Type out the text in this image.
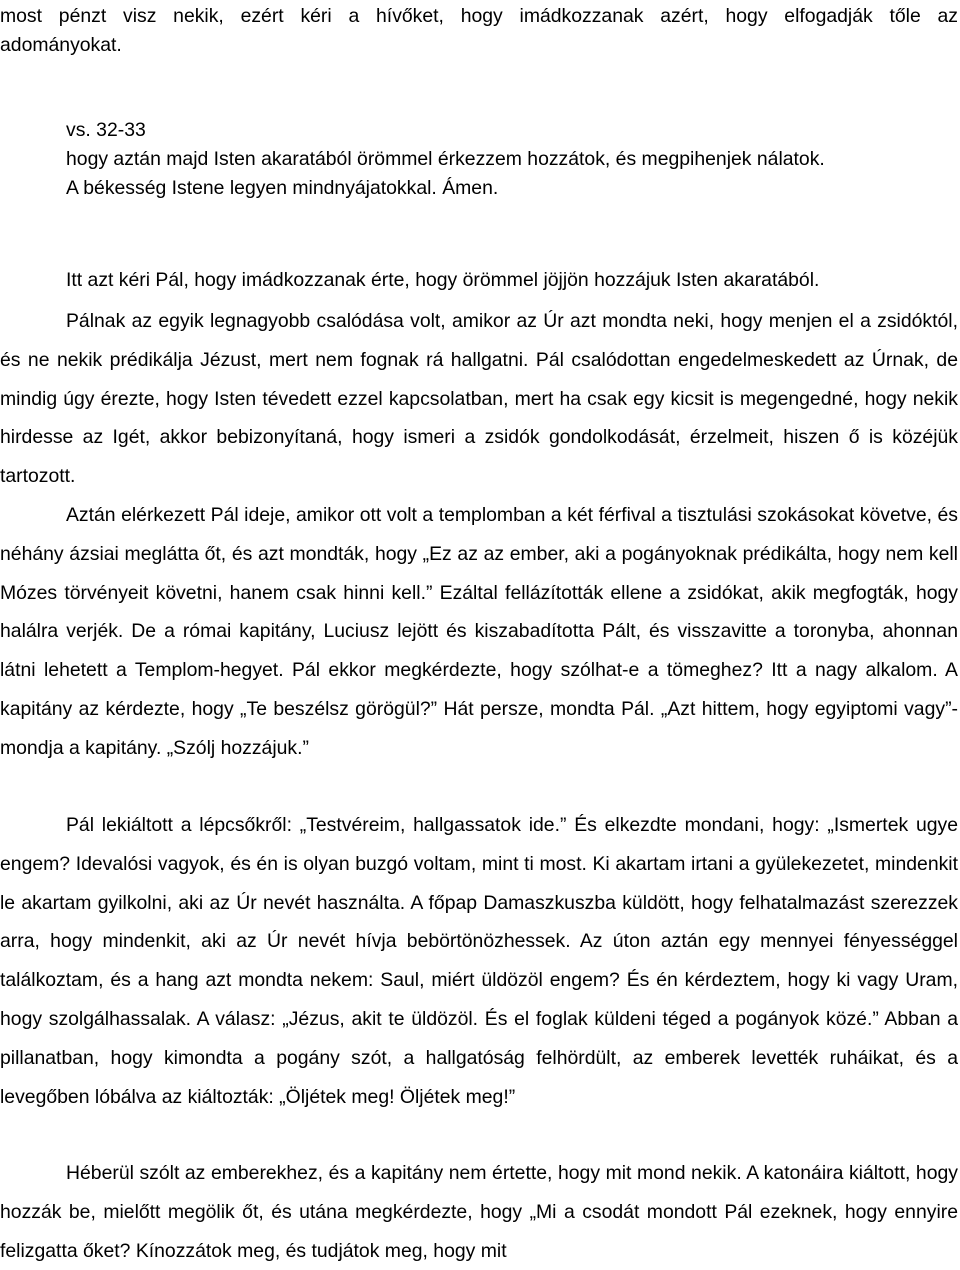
most pénzt visz nekik, ezért kéri a hívőket, hogy imádkozzanak azért, hogy elfogadják tőle az
adományokat.
vs. 32-33
hogy aztán majd Isten akaratából örömmel érkezzem hozzátok, és megpihenjek nálatok.
A békesség Istene legyen mindnyájatokkal. Ámen.
Itt azt kéri Pál, hogy imádkozzanak érte, hogy örömmel jöjjön hozzájuk Isten akaratából.

Pálnak az egyik legnagyobb csalódása volt, amikor az Úr azt mondta neki, hogy menjen el a zsidóktól, és ne nekik prédikálja Jézust, mert nem fognak rá hallgatni. Pál csalódottan engedelmeskedett az Úrnak, de mindig úgy érezte, hogy Isten tévedett ezzel kapcsolatban, mert ha csak egy kicsit is megengedné, hogy nekik hirdesse az Igét, akkor bebizonyítaná, hogy ismeri a zsidók gondolkodását, érzelmeit, hiszen ő is közéjük tartozott.

Aztán elérkezett Pál ideje, amikor ott volt a templomban a két férfival a tisztulási szokásokat követve, és néhány ázsiai meglátta őt, és azt mondták, hogy „Ez az az ember, aki a pogányoknak prédikálta, hogy nem kell Mózes törvényeit követni, hanem csak hinni kell.” Ezáltal fellázították ellene a zsidókat, akik megfogták, hogy halálra verjék. De a római kapitány, Luciusz lejött és kiszabadította Pált, és visszavitte a toronyba, ahonnan látni lehetett a Templom-hegyet. Pál ekkor megkérdezte, hogy szólhat-e a tömeghez? Itt a nagy alkalom. A kapitány az kérdezte, hogy „Te beszélsz görögül?” Hát persze, mondta Pál. „Azt hittem, hogy egyiptomi vagy”-mondja a kapitány. „Szólj hozzájuk.”

Pál lekiáltott a lépcsőkről: „Testvéreim, hallgassatok ide.” És elkezdte mondani, hogy: „Ismertek ugye engem? Idevalósi vagyok, és én is olyan buzgó voltam, mint ti most. Ki akartam irtani a gyülekezetet, mindenkit le akartam gyilkolni, aki az Úr nevét használta. A főpap Damaszkuszba küldött, hogy felhatalmazást szerezzek arra, hogy mindenkit, aki az Úr nevét hívja bebörtönözhessek. Az úton aztán egy mennyei fényességgel találkoztam, és a hang azt mondta nekem: Saul, miért üldözöl engem? És én kérdeztem, hogy ki vagy Uram, hogy szolgálhassalak. A válasz: „Jézus, akit te üldözöl. És el foglak küldeni téged a pogányok közé.” Abban a pillanatban, hogy kimondta a pogány szót, a hallgatóság felhördült, az emberek levették ruháikat, és a levegőben lóbálva az kiáltozták: „Öljétek meg! Öljétek meg!”

Héberül szólt az emberekhez, és a kapitány nem értette, hogy mit mond nekik. A katonáira kiáltott, hogy hozzák be, mielőtt megölik őt, és utána megkérdezte, hogy „Mi a csodát mondott Pál ezeknek, hogy ennyire felizgatta őket? Kínozzátok meg, és tudjátok meg, hogy mit
